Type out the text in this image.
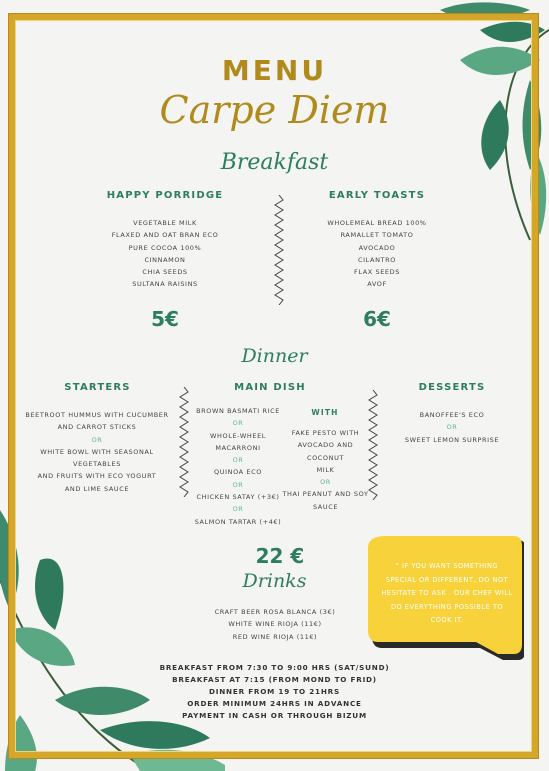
MENU
Carpe Diem
Breakfast
HAPPY PORRIDGE
VEGETABLE MILK
FLAXED AND OAT BRAN ECO
PURE COCOA 100%
CINNAMON
CHIA SEEDS
SULTANA RAISINS
5€
EARLY TOASTS
WHOLEMEAL BREAD 100%
RAMALLET TOMATO
AVOCADO
CILANTRO
FLAX SEEDS
AVOF
6€
Dinner
STARTERS
BEETROOT HUMMUS WITH CUCUMBER
AND CARROT STICKS
OR
WHITE BOWL WITH SEASONAL VEGETABLES
AND FRUITS WITH ECO YOGURT
AND LIME SAUCE
MAIN DISH
BROWN BASMATI RICE
OR
WHOLE-WHEEL
MACARRONI
OR
QUINOA ECO
OR
CHICKEN SATAY (+3€)
OR
SALMON TARTAR (+4€)
WITH
FAKE PESTO WITH
AVOCADO AND COCONUT
MILK
OR
THAI PEANUT AND SOY
SAUCE
DESSERTS
BANOFFEE'S ECO
OR
SWEET LEMON SURPRISE
22 €
Drinks
CRAFT BEER ROSA BLANCA (3€)
WHITE WINE RIOJA (11€)
RED WINE RIOJA (11€)
" IF YOU WANT SOMETHING
SPECIAL OR DIFFERENT, DO NOT
HESITATE TO ASK . OUR CHEF WILL
DO EVERYTHING POSSIBLE TO
COOK IT.
BREAKFAST FROM 7:30 TO 9:00 HRS (SAT/SUND)
BREAKFAST AT 7:15 (FROM MOND TO FRID)
DINNER FROM 19 TO 21HRS
ORDER MINIMUM 24HRS IN ADVANCE
PAYMENT IN CASH OR THROUGH BIZUM
